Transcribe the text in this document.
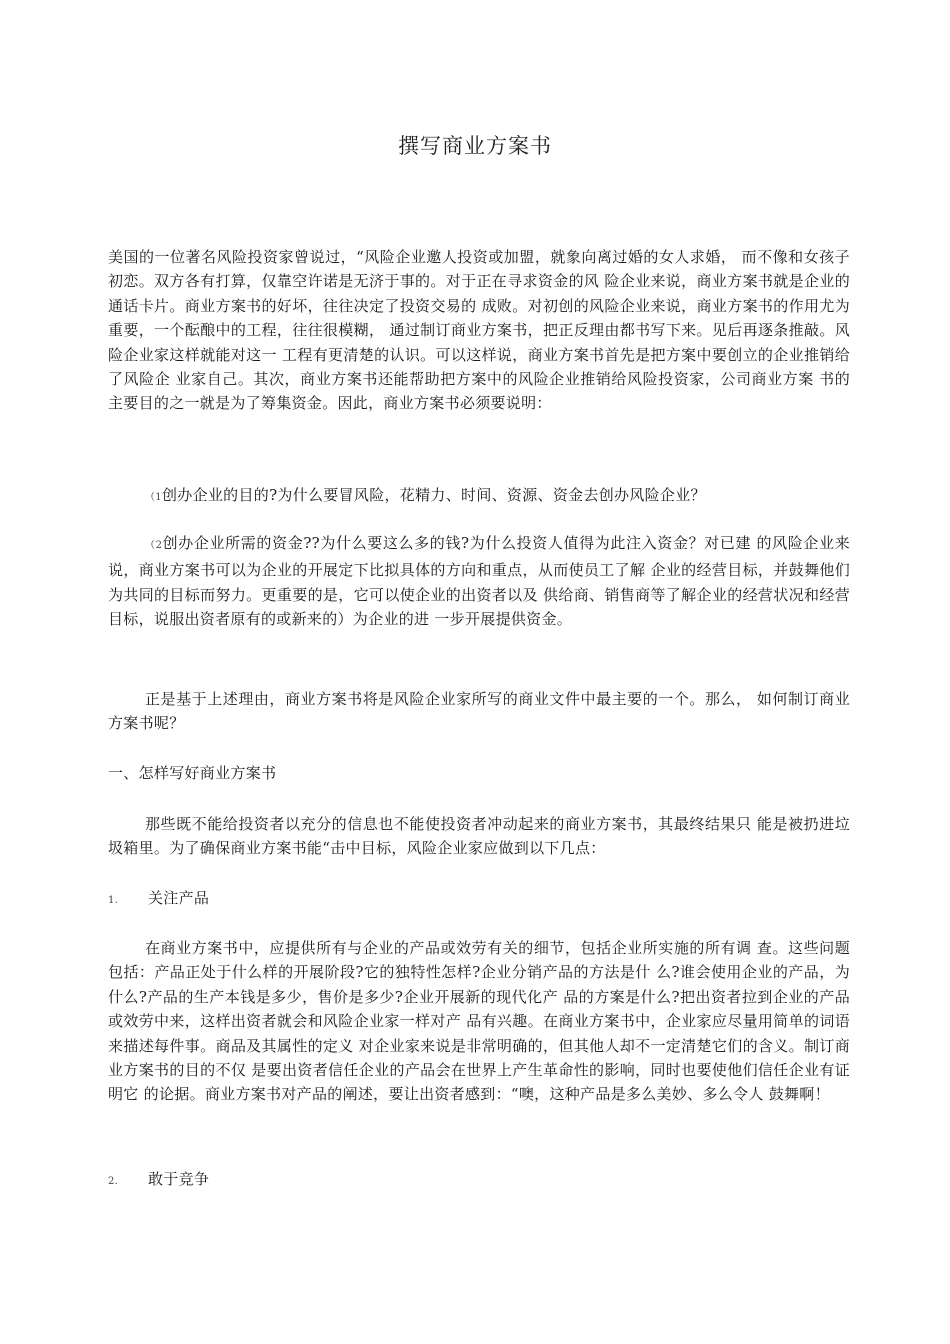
撰写商业方案书
美国的一位著名风险投资家曾说过，“风险企业邀人投资或加盟，就象向离过婚的女人求婚， 而不像和女孩子初恋。双方各有打算，仅靠空许诺是无济于事的。对于正在寻求资金的风 险企业来说，商业方案书就是企业的 通话卡片。商业方案书的好坏，往往决定了投资交易的 成败。对初创的风险企业来说，商业方案书的作用尤为重要，一个酝酿中的工程，往往很模糊， 通过制订商业方案书，把正反理由都书写下来。见后再逐条推敲。风险企业家这样就能对这一 工程有更清楚的认识。可以这样说，商业方案书首先是把方案中要创立的企业推销给了风险企 业家自己。其次，商业方案书还能帮助把方案中的风险企业推销给风险投资家，公司商业方案 书的主要目的之一就是为了筹集资金。因此，商业方案书必须要说明：
（1创办企业的目的?为什么要冒风险，花精力、时间、资源、资金去创办风险企业？
（2创办企业所需的资金??为什么要这么多的钱?为什么投资人值得为此注入资金？对已建 的风险企业来说，商业方案书可以为企业的开展定下比拟具体的方向和重点，从而使员工了解 企业的经营目标，并鼓舞他们为共同的目标而努力。更重要的是，它可以使企业的出资者以及 供给商、销售商等了解企业的经营状况和经营目标，说服出资者原有的或新来的）为企业的进 一步开展提供资金。
正是基于上述理由，商业方案书将是风险企业家所写的商业文件中最主要的一个。那么， 如何制订商业方案书呢？
一、怎样写好商业方案书
那些既不能给投资者以充分的信息也不能使投资者冲动起来的商业方案书，其最终结果只 能是被扔进垃圾箱里。为了确保商业方案书能“击中目标，风险企业家应做到以下几点：
1. 关注产品
在商业方案书中，应提供所有与企业的产品或效劳有关的细节，包括企业所实施的所有调 查。这些问题包括：产品正处于什么样的开展阶段?它的独特性怎样?企业分销产品的方法是什 么?谁会使用企业的产品，为什么?产品的生产本钱是多少，售价是多少?企业开展新的现代化产 品的方案是什么?把出资者拉到企业的产品或效劳中来，这样出资者就会和风险企业家一样对产 品有兴趣。在商业方案书中，企业家应尽量用简单的词语来描述每件事。商品及其属性的定义 对企业家来说是非常明确的，但其他人却不一定清楚它们的含义。制订商业方案书的目的不仅 是要出资者信任企业的产品会在世界上产生革命性的影响，同时也要使他们信任企业有证明它 的论据。商业方案书对产品的阐述，要让出资者感到：“噢，这种产品是多么美妙、多么令人 鼓舞啊！
2. 敢于竞争
